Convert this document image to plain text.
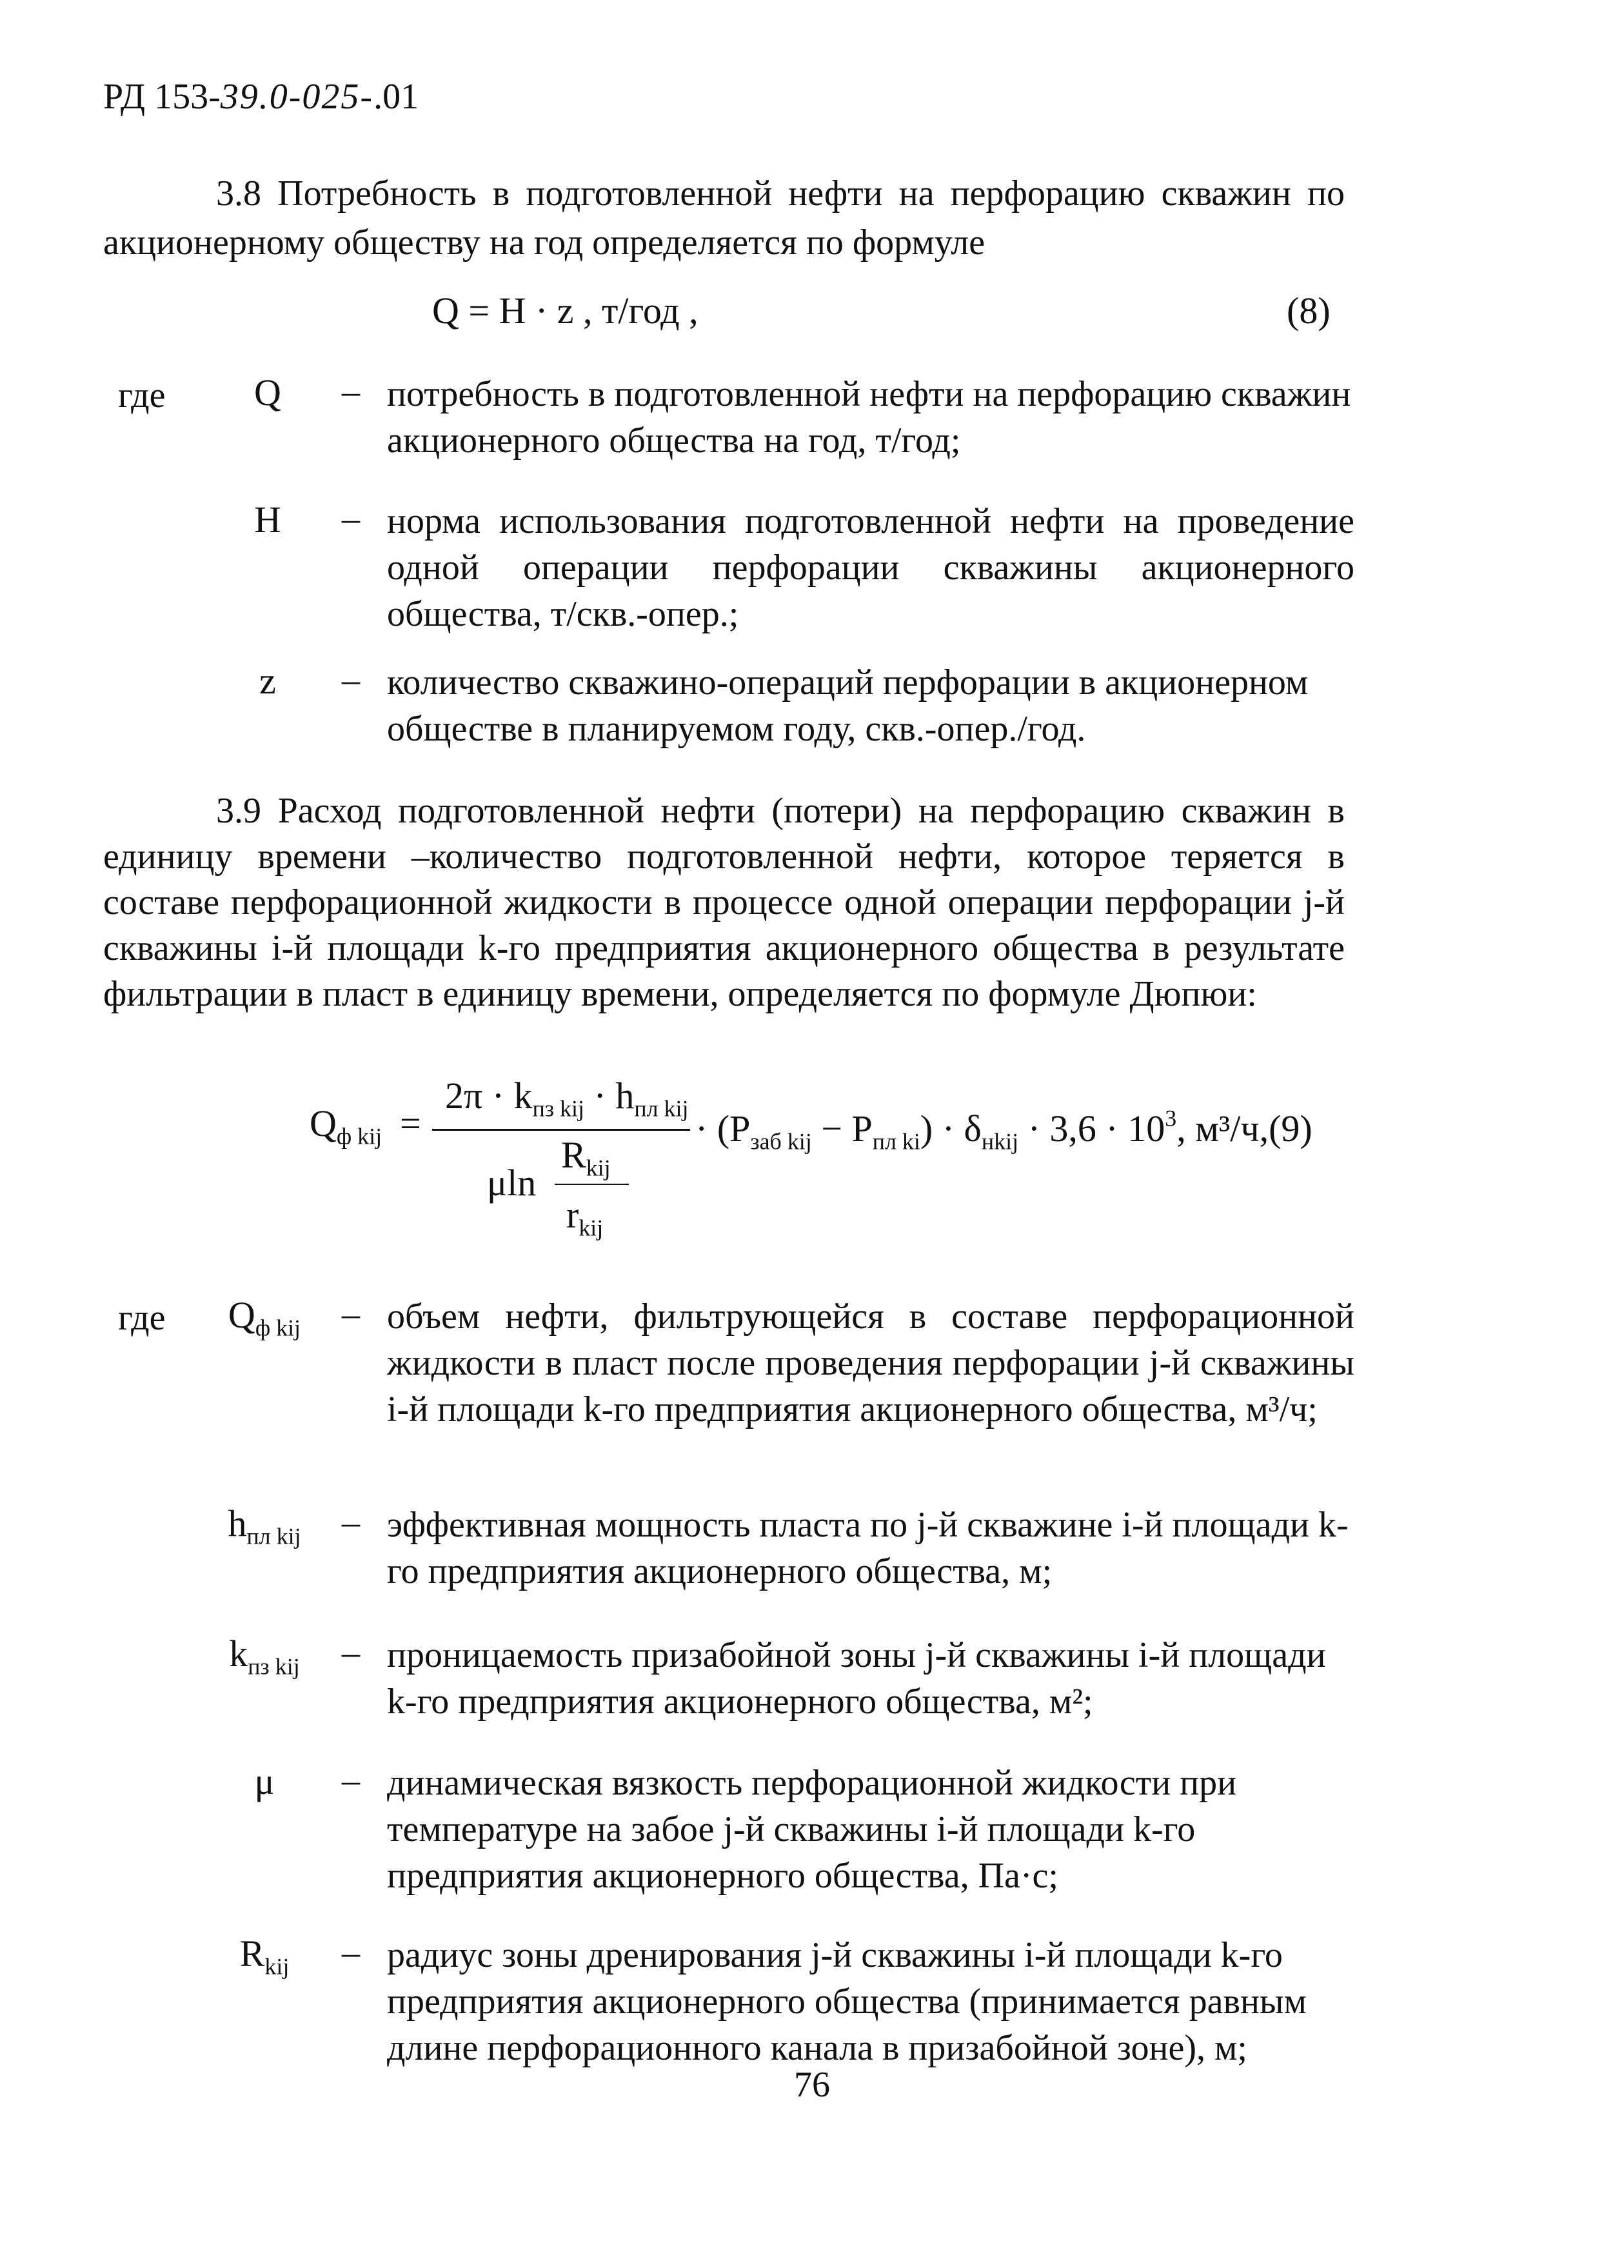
РД 153-39.0-025-.01
3.8 Потребность в подготовленной нефти на перфорацию скважин по акционерному обществу на год определяется по формуле
Q = H · z , т/год ,	(8)
где	Q	– потребность в подготовленной нефти на перфорацию скважин акционерного общества на год, т/год;
H	– норма использования подготовленной нефти на проведение одной операции перфорации скважины акционерного общества, т/скв.-опер.;
z	– количество скважино-операций перфорации в акционерном обществе в планируемом году, скв.-опер./год.
3.9 Расход подготовленной нефти (потери) на перфорацию скважин в единицу времени –количество подготовленной нефти, которое теряется в составе перфорационной жидкости в процессе одной операции перфорации j-й скважины i-й площади k-го предприятия акционерного общества в результате фильтрации в пласт в единицу времени, определяется по формуле Дюпюи:
$Q_{ф kij}$ =
$2\pi \cdot k_{пз kij} \cdot h_{пл kij}$
$R_{kij}$
μln
$r_{kij}$
· $(P_{заб kij} - P_{пл ki}) \cdot \delta_{нkij} \cdot 3,6 \cdot 10^3$, м³/ч,(9)
где	$Q_{ф kij}$	– объем нефти, фильтрующейся в составе перфорационной жидкости в пласт после проведения перфорации j-й скважины i-й площади k-го предприятия акционерного общества, м³/ч;
$h_{пл kij}$	– эффективная мощность пласта по j-й скважине i-й площади k-го предприятия акционерного общества, м;
$k_{пз kij}$	– проницаемость призабойной зоны j-й скважины i-й площади k-го предприятия акционерного общества, м²;
μ	– динамическая вязкость перфорационной жидкости при температуре на забое j-й скважины i-й площади k-го предприятия акционерного общества, Па·с;
$R_{kij}$	– радиус зоны дренирования j-й скважины i-й площади k-го предприятия акционерного общества (принимается равным длине перфорационного канала в призабойной зоне), м;
76
